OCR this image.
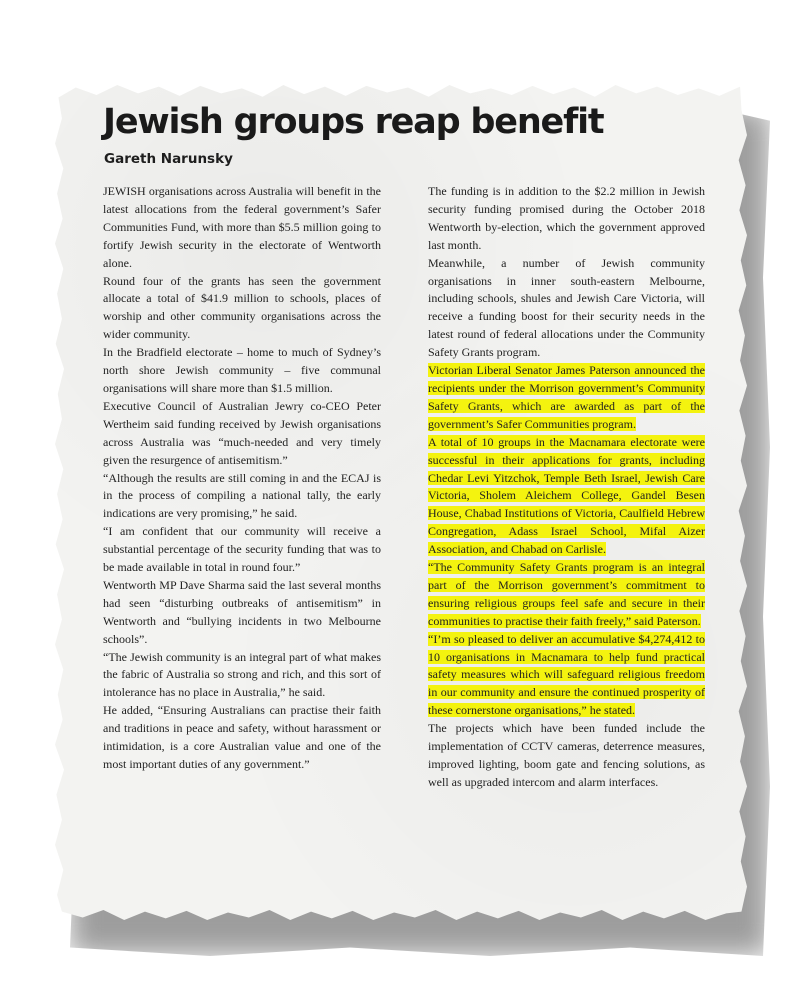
Jewish groups reap benefit
Gareth Narunsky

JEWISH organisations across Australia will benefit in the latest allocations from the federal government’s Safer Communities Fund, with more than $5.5 million going to fortify Jewish security in the electorate of Wentworth alone.

Round four of the grants has seen the government allocate a total of $41.9 million to schools, places of worship and other community organisations across the wider community.

In the Bradfield electorate – home to much of Sydney’s north shore Jewish community – five communal organisations will share more than $1.5 million.

Executive Council of Australian Jewry co-CEO Peter Wertheim said funding received by Jewish organisations across Australia was “much-needed and very timely given the resurgence of antisemitism.”

“Although the results are still coming in and the ECAJ is in the process of compiling a national tally, the early indications are very promising,” he said.

“I am confident that our community will receive a substantial percentage of the security funding that was to be made available in total in round four.”

Wentworth MP Dave Sharma said the last several months had seen “disturbing outbreaks of antisemitism” in Wentworth and “bullying incidents in two Melbourne schools”.

“The Jewish community is an integral part of what makes the fabric of Australia so strong and rich, and this sort of intolerance has no place in Australia,” he said.

He added, “Ensuring Australians can practise their faith and traditions in peace and safety, without harassment or intimidation, is a core Australian value and one of the most important duties of any government.”

The funding is in addition to the $2.2 million in Jewish security funding promised during the October 2018 Wentworth by-election, which the government approved last month.

Meanwhile, a number of Jewish community organisations in inner south-eastern Melbourne, including schools, shules and Jewish Care Victoria, will receive a funding boost for their security needs in the latest round of federal allocations under the Community Safety Grants program.

Victorian Liberal Senator James Paterson announced the recipients under the Morrison government’s Community Safety Grants, which are awarded as part of the government’s Safer Communities program.

A total of 10 groups in the Macnamara electorate were successful in their applications for grants, including Chedar Levi Yitzchok, Temple Beth Israel, Jewish Care Victoria, Sholem Aleichem College, Gandel Besen House, Chabad Institutions of Victoria, Caulfield Hebrew Congregation, Adass Israel School, Mifal Aizer Association, and Chabad on Carlisle.

“The Community Safety Grants program is an integral part of the Morrison government’s commitment to ensuring religious groups feel safe and secure in their communities to practise their faith freely,” said Paterson.

“I’m so pleased to deliver an accumulative $4,274,412 to 10 organisations in Macnamara to help fund practical safety measures which will safeguard religious freedom in our community and ensure the continued prosperity of these cornerstone organisations,” he stated.

The projects which have been funded include the implementation of CCTV cameras, deterrence measures, improved lighting, boom gate and fencing solutions, as well as upgraded intercom and alarm interfaces.
